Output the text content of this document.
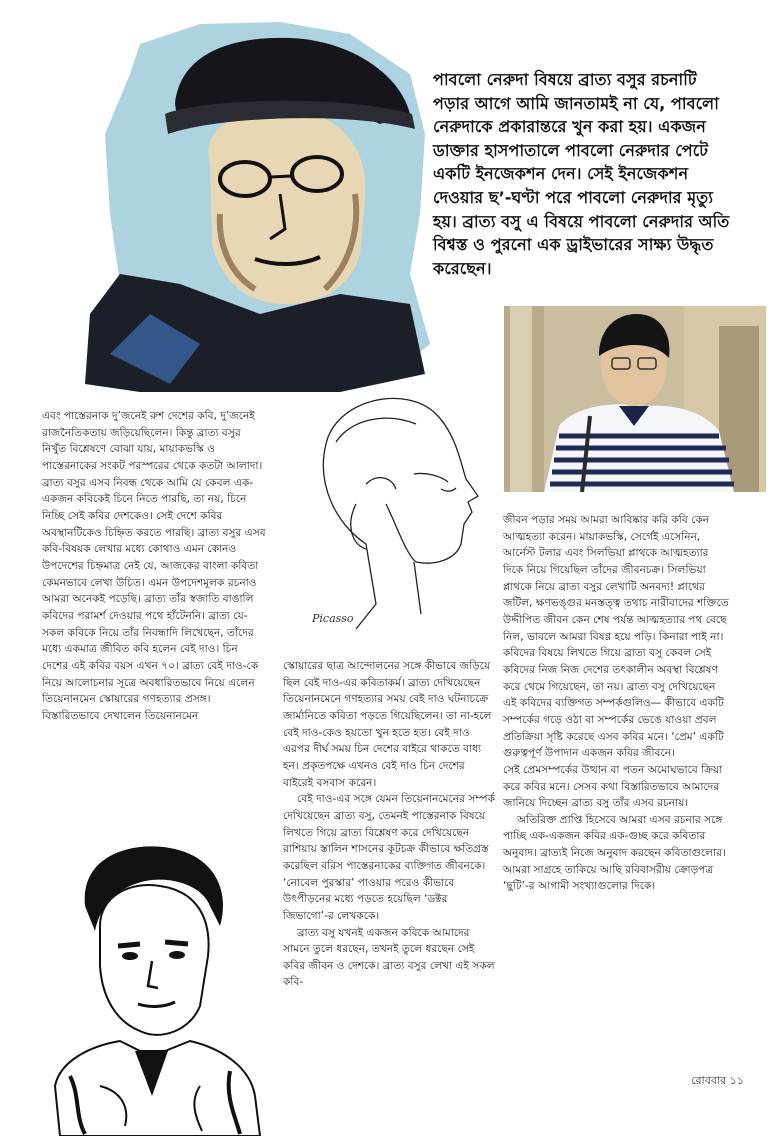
পাবলো নেরুদা বিষয়ে ব্রাত্য বসুর রচনাটি পড়ার আগে আমি জানতামই না যে, পাবলো নেরুদাকে প্রকারান্তরে খুন করা হয়। একজন ডাক্তার হাসপাতালে পাবলো নেরুদার পেটে একটি ইনজেকশন দেন। সেই ইনজেকশন দেওয়ার ছ’-ঘণ্টা পরে পাবলো নেরুদার মৃত্যু হয়। ব্রাত্য বসু এ বিষয়ে পাবলো নেরুদার অতি বিশ্বস্ত ও পুরনো এক ড্রাইভারের সাক্ষ্য উদ্ধৃত করেছেন।
Picasso

এবং পাস্তেরনাক দু’জনেই রুশ দেশের কবি, দু’জনেই রাজনৈতিকতায় জড়িয়েছিলেন। কিন্তু ব্রাত্য বসুর নিখুঁত বিশ্লেষণে বোঝা যায়, মায়াকভস্কি ও পাস্তেরনাকের সংকট পরস্পরের থেকে কতটা আলাদা। ব্রাত্য বসুর এসব নিবন্ধ থেকে আমি যে কেবল এক-একজন কবিকেই চিনে নিতে পারছি, তা নয়, চিনে নিচ্ছি সেই কবির দেশকেও। সেই দেশে কবির অবস্থানটিকেও চিহ্নিত করতে পারছি। ব্রাত্য বসুর এসব কবি-বিষয়ক লেখার মধ্যে কোথাও এমন কোনও উপদেশের চিহ্নমাত্র নেই যে, আজকের বাংলা কবিতা কেমনভাবে লেখা উচিত। এমন উপদেশমূলক রচনাও আমরা অনেকই পড়েছি। ব্রাত্য তাঁর স্বজাতি বাঙালি কবিদের পরামর্শ দেওয়ার পথে হাঁটেননি। ব্রাত্য যে-সকল কবিকে নিয়ে তাঁর নিবন্ধাদি লিখেছেন, তাঁদের মধ্যে একমাত্র জীবিত কবি হলেন বেই দাও। চিন দেশের এই কবির বয়স এখন ৭০। ব্রাত্য বেই দাও-কে নিয়ে আলোচনার সূত্রে অবধারিতভাবে নিয়ে এলেন তিয়েনানমেন স্কোয়ারের গণহত্যার প্রসঙ্গ। বিস্তারিতভাবে দেখালেন তিয়েনানমেন

স্কোয়ারের ছাত্র আন্দোলনের সঙ্গে কীভাবে জড়িয়ে ছিল বেই দাও-এর কবিতাকর্ম। ব্রাত্য দেখিয়েছেন তিয়েনানমেনে গণহত্যার সময় বেই দাও ঘটনাচক্রে জার্মানিতে কবিতা পড়তে গিয়েছিলেন। তা না-হলে বেই দাও-কেও হয়তো খুন হতে হত। বেই দাও এরপর দীর্ঘ সময় চিন দেশের বাইরে থাকতে বাধ্য হন। প্রকৃতপক্ষে এখনও বেই দাও চিন দেশের বাইরেই বসবাস করেন।

বেই দাও-এর সঙ্গে যেমন তিয়েনানমেনের সম্পর্ক দেখিয়েছেন ব্রাত্য বসু, তেমনই পাস্তেরনাক বিষয়ে লিখতে গিয়ে ব্রাত্য বিশ্লেষণ করে দেখিয়েছেন রাশিয়ায় স্তালিন শাসনের কূটচক্র কীভাবে ক্ষতিগ্রস্ত করেছিল বরিস পাস্তেরনাকের ব্যক্তিগত জীবনকে। ‘নোবেল পুরস্কার’ পাওয়ার পরেও কীভাবে উৎপীড়নের মধ্যে পড়তে হয়েছিল ‘ডক্টর জিভাগো’-র লেখককে।

ব্রাত্য বসু যখনই একজন কবিকে আমাদের সামনে তুলে ধরছেন, তখনই তুলে ধরছেন সেই কবির জীবন ও দেশকে। ব্রাত্য বসুর লেখা এই সকল কবি-

জীবন পড়ার সময় আমরা আবিষ্কার করি কবি কেন আত্মহত্যা করেন। মায়াকভস্কি, সের্গেই এসেনিন, আর্নেস্ট টলার এবং সিলভিয়া প্লাথকে আত্মহত্যার দিকে নিয়ে গিয়েছিল তাঁদের জীবনচক্র। সিলভিয়া প্লাথকে নিয়ে ব্রাত্য বসুর লেখাটি অনবদ্য! প্লাথের জটিল, ক্ষণভঙ্গুর মনস্তত্ত্ব তথাচ নারীবাদের শক্তিতে উদ্দীপিত জীবন কেন শেষ পর্যন্ত আত্মহত্যার পথ বেছে নিল, ভাবলে আমরা বিষণ্ণ হয়ে পড়ি। কিনারা পাই না। কবিদের বিষয়ে লিখতে গিয়ে ব্রাত্য বসু কেবল সেই কবিদের নিজ নিজ দেশের তৎকালীন অবস্থা বিশ্লেষণ করে থেমে গিয়েছেন, তা নয়। ব্রাত্য বসু দেখিয়েছেন এই কবিদের ব্যক্তিগত সম্পর্কগুলিও— কীভাবে একটি সম্পর্কের গড়ে ওঠা বা সম্পর্কের ভেঙে যাওয়া প্রবল প্রতিক্রিয়া সৃষ্টি করেছে এসব কবির মনে। ‘প্রেম’ একটি গুরুত্বপূর্ণ উপাদান একজন কবির জীবনে।

সেই প্রেমসম্পর্কের উত্থান বা পতন অমোঘভাবে ক্রিয়া করে কবির মনে। সেসব কথা বিস্তারিতভাবে আমাদের জানিয়ে দিচ্ছেন ব্রাত্য বসু তাঁর এসব রচনায়।

অতিরিক্ত প্রাপ্তি হিসেবে আমরা এসব রচনার সঙ্গে পাচ্ছি এক-একজন কবির এক-গুচ্ছ করে কবিতার অনুবাদ। ব্রাত্যই নিজে অনুবাদ করছেন কবিতাগুলোর। আমরা সাগ্রহে তাকিয়ে আছি রবিবাসরীয় ক্রোড়পত্র ‘ছুটি’-র আগামী সংখ্যাগুলোর দিকে।

রোববার ১১
